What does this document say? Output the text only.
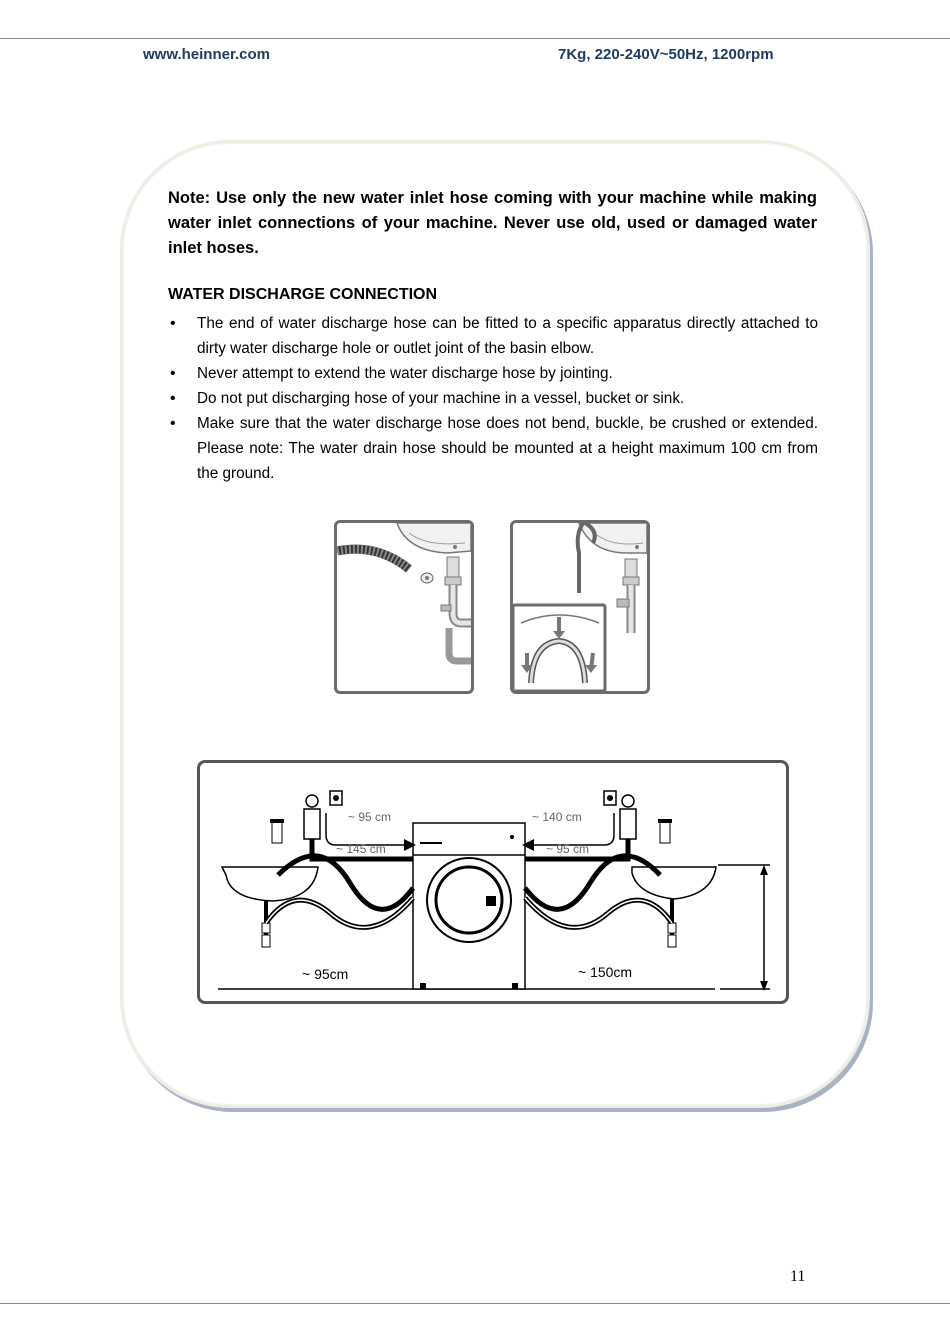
www.heinner.com	7Kg, 220-240V~50Hz, 1200rpm
Note: Use only the new water inlet hose coming with your machine while making water inlet connections of your machine. Never use old, used or damaged water inlet hoses.
WATER DISCHARGE CONNECTION
• The end of water discharge hose can be fitted to a specific apparatus directly attached to dirty water discharge hole or outlet joint of the basin elbow.
• Never attempt to extend the water discharge hose by jointing.
• Do not put discharging hose of your machine in a vessel, bucket or sink.
• Make sure that the water discharge hose does not bend, buckle, be crushed or extended. Please note: The water drain hose should be mounted at a height maximum 100 cm from the ground.
~ 95 cm
~ 145 cm
~ 140 cm
~ 95 cm
~ 95cm	~ 150cm
11
